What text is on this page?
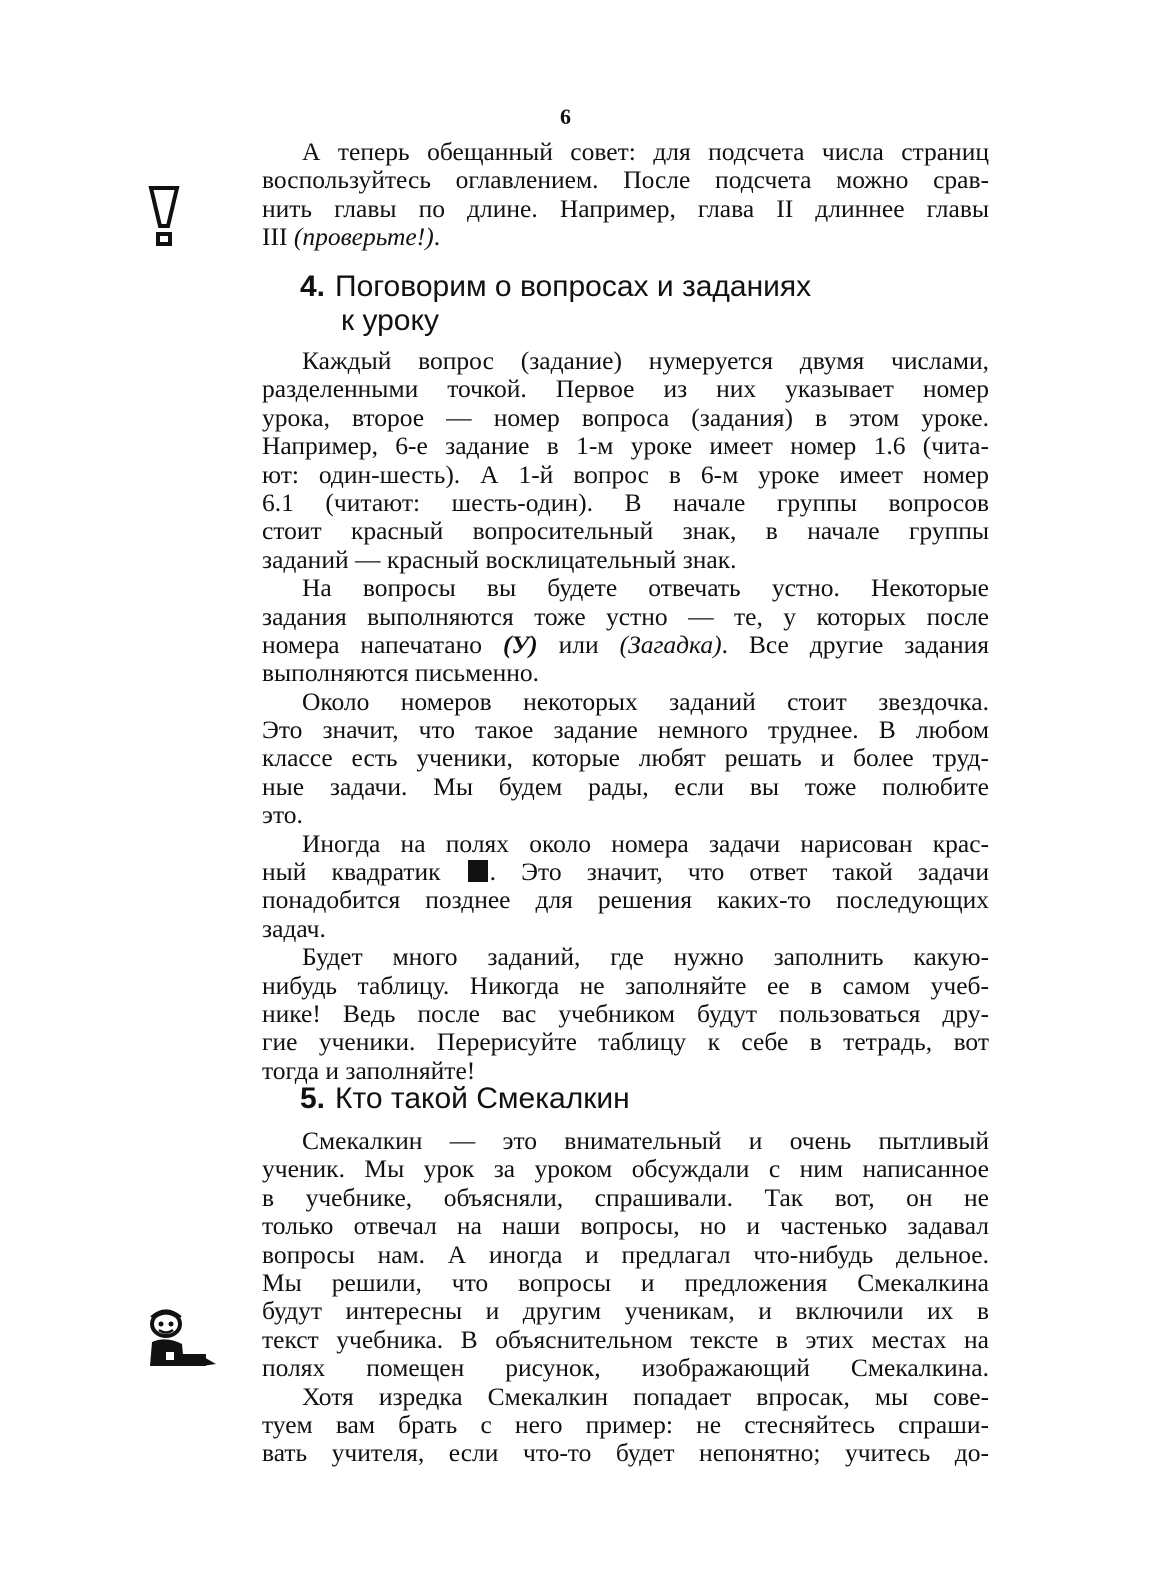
6
А теперь обещанный совет: для подсчета числа страниц
воспользуйтесь оглавлением. После подсчета можно срав-
нить главы по длине. Например, глава II длиннее главы
III (проверьте!).
4. Поговорим о вопросах и заданиях
к уроку
Каждый вопрос (задание) нумеруется двумя числами,
разделенными точкой. Первое из них указывает номер
урока, второе — номер вопроса (задания) в этом уроке.
Например, 6-е задание в 1-м уроке имеет номер 1.6 (чита-
ют: один-шесть). А 1-й вопрос в 6-м уроке имеет номер
6.1 (читают: шесть-один). В начале группы вопросов
стоит красный вопросительный знак, в начале группы
заданий — красный восклицательный знак.
На вопросы вы будете отвечать устно. Некоторые
задания выполняются тоже устно — те, у которых после
номера напечатано (У) или (Загадка). Все другие задания
выполняются письменно.
Около номеров некоторых заданий стоит звездочка.
Это значит, что такое задание немного труднее. В любом
классе есть ученики, которые любят решать и более труд-
ные задачи. Мы будем рады, если вы тоже полюбите
это.
Иногда на полях около номера задачи нарисован крас-
ный квадратик . Это значит, что ответ такой задачи
понадобится позднее для решения каких-то последующих
задач.
Будет много заданий, где нужно заполнить какую-
нибудь таблицу. Никогда не заполняйте ее в самом учеб-
нике! Ведь после вас учебником будут пользоваться дру-
гие ученики. Перерисуйте таблицу к себе в тетрадь, вот
тогда и заполняйте!
5. Кто такой Смекалкин
Смекалкин — это внимательный и очень пытливый
ученик. Мы урок за уроком обсуждали с ним написанное
в учебнике, объясняли, спрашивали. Так вот, он не
только отвечал на наши вопросы, но и частенько задавал
вопросы нам. А иногда и предлагал что-нибудь дельное.
Мы решили, что вопросы и предложения Смекалкина
будут интересны и другим ученикам, и включили их в
текст учебника. В объяснительном тексте в этих местах на
полях помещен рисунок, изображающий Смекалкина.
Хотя изредка Смекалкин попадает впросак, мы сове-
туем вам брать с него пример: не стесняйтесь спраши-
вать учителя, если что-то будет непонятно; учитесь до-
